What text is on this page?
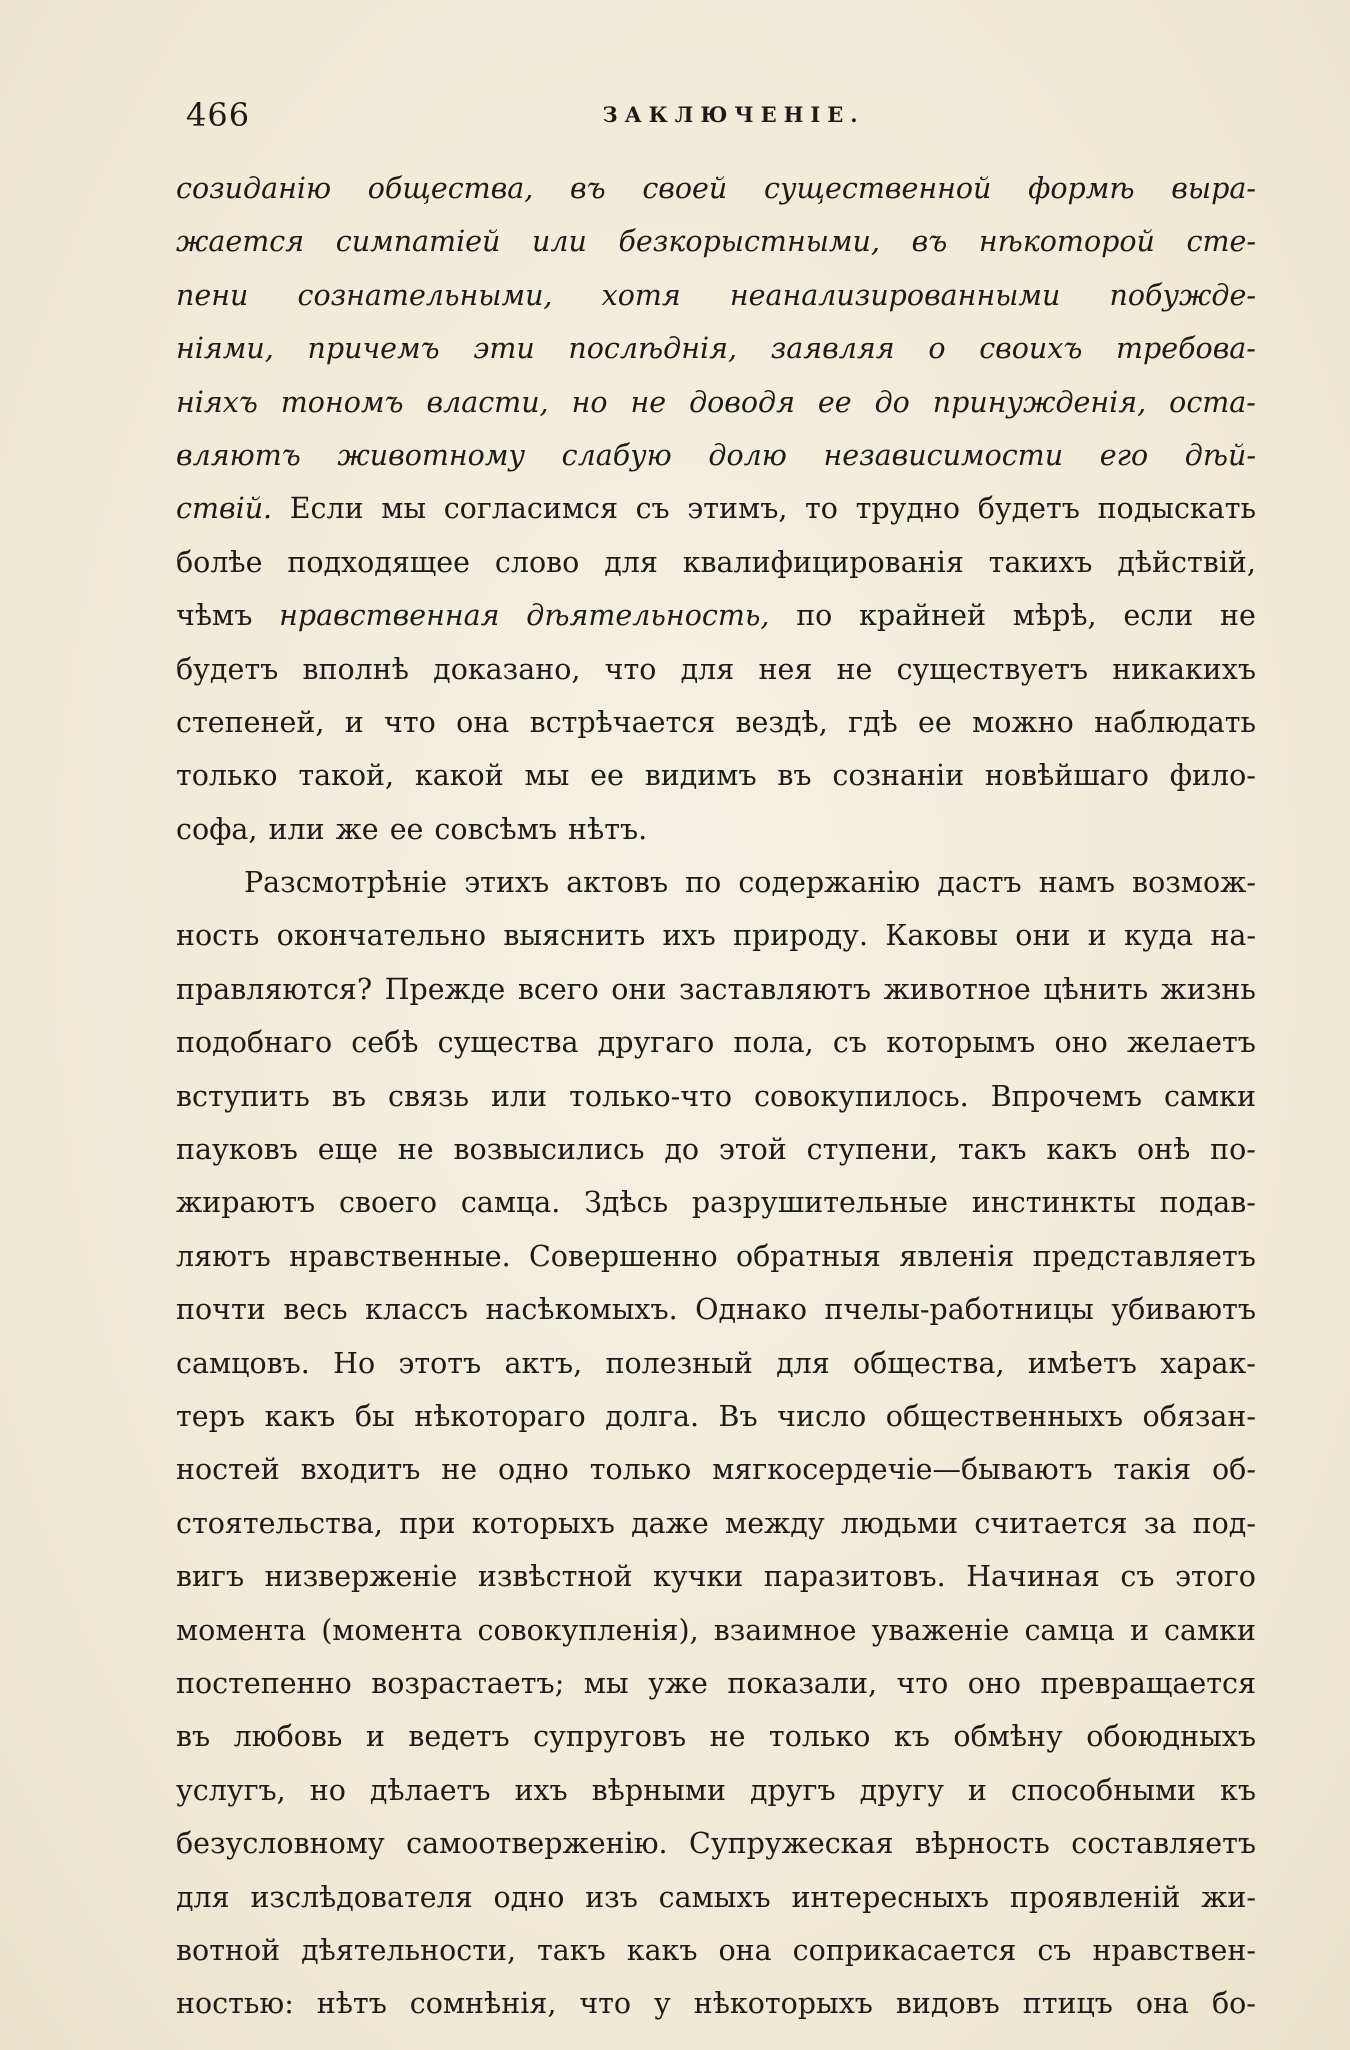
466	ЗАКЛЮЧЕНІЕ.
созиданію общества, въ своей существенной формѣ выра-
жается симпатіей или безкорыстными, въ нѣкоторой сте-
пени сознательными, хотя неанализированными побужде-
ніями, причемъ эти послѣднія, заявляя о своихъ требова-
ніяхъ тономъ власти, но не доводя ее до принужденія, оста-
вляютъ животному слабую долю независимости его дѣй-
ствій. Если мы согласимся съ этимъ, то трудно будетъ подыскать
болѣе подходящее слово для квалифицированія такихъ дѣйствій,
чѣмъ нравственная дѣятельность, по крайней мѣрѣ, если не
будетъ вполнѣ доказано, что для нея не существуетъ никакихъ
степеней, и что она встрѣчается вездѣ, гдѣ ее можно наблюдать
только такой, какой мы ее видимъ въ сознаніи новѣйшаго фило-
софа, или же ее совсѣмъ нѣтъ.
Разсмотрѣніе этихъ актовъ по содержанію дастъ намъ возмож-
ность окончательно выяснить ихъ природу. Каковы они и куда на-
правляются? Прежде всего они заставляютъ животное цѣнить жизнь
подобнаго себѣ существа другаго пола, съ которымъ оно желаетъ
вступить въ связь или только-что совокупилось. Впрочемъ самки
пауковъ еще не возвысились до этой ступени, такъ какъ онѣ по-
жираютъ своего самца. Здѣсь разрушительные инстинкты подав-
ляютъ нравственные. Совершенно обратныя явленія представляетъ
почти весь классъ насѣкомыхъ. Однако пчелы-работницы убиваютъ
самцовъ. Но этотъ актъ, полезный для общества, имѣетъ харак-
теръ какъ бы нѣкотораго долга. Въ число общественныхъ обязан-
ностей входитъ не одно только мягкосердечіе—бываютъ такія об-
стоятельства, при которыхъ даже между людьми считается за под-
вигъ низверженіе извѣстной кучки паразитовъ. Начиная съ этого
момента (момента совокупленія), взаимное уваженіе самца и самки
постепенно возрастаетъ; мы уже показали, что оно превращается
въ любовь и ведетъ супруговъ не только къ обмѣну обоюдныхъ
услугъ, но дѣлаетъ ихъ вѣрными другъ другу и способными къ
безусловному самоотверженію. Супружеская вѣрность составляетъ
для изслѣдователя одно изъ самыхъ интересныхъ проявленій жи-
вотной дѣятельности, такъ какъ она соприкасается съ нравствен-
ностью: нѣтъ сомнѣнія, что у нѣкоторыхъ видовъ птицъ она бо-
